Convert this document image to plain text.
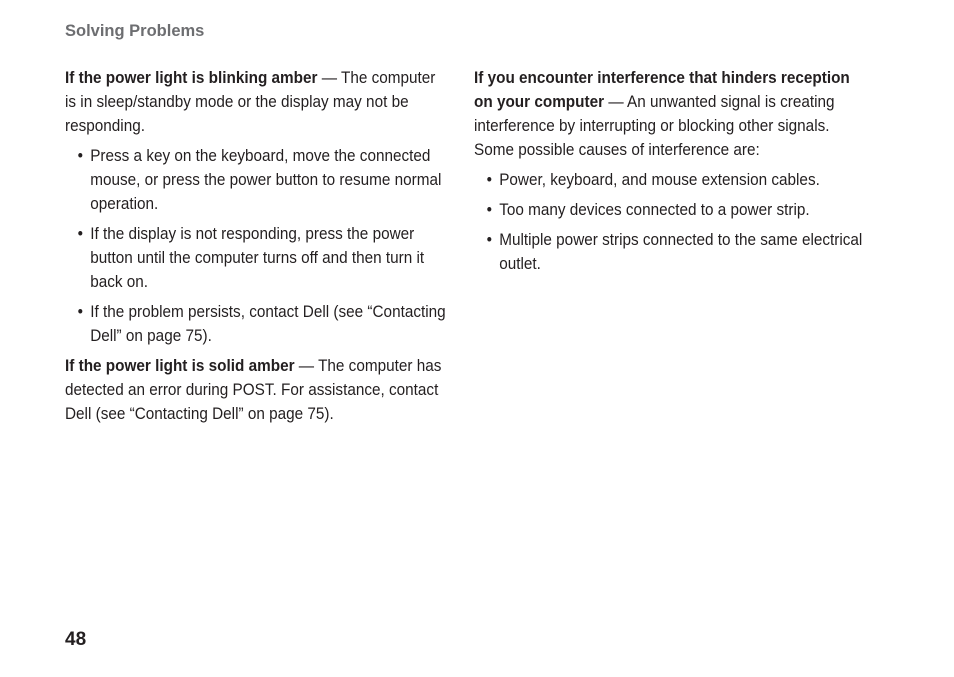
Solving Problems

If the power light is blinking amber — The computer is in sleep/standby mode or the display may not be responding.

• Press a key on the keyboard, move the connected mouse, or press the power button to resume normal operation.
• If the display is not responding, press the power button until the computer turns off and then turn it back on.
• If the problem persists, contact Dell (see “Contacting Dell” on page 75).

If the power light is solid amber — The computer has detected an error during POST. For assistance, contact Dell (see “Contacting Dell” on page 75).

If you encounter interference that hinders reception on your computer — An unwanted signal is creating interference by interrupting or blocking other signals. Some possible causes of interference are:

• Power, keyboard, and mouse extension cables.
• Too many devices connected to a power strip.
• Multiple power strips connected to the same electrical outlet.
48
